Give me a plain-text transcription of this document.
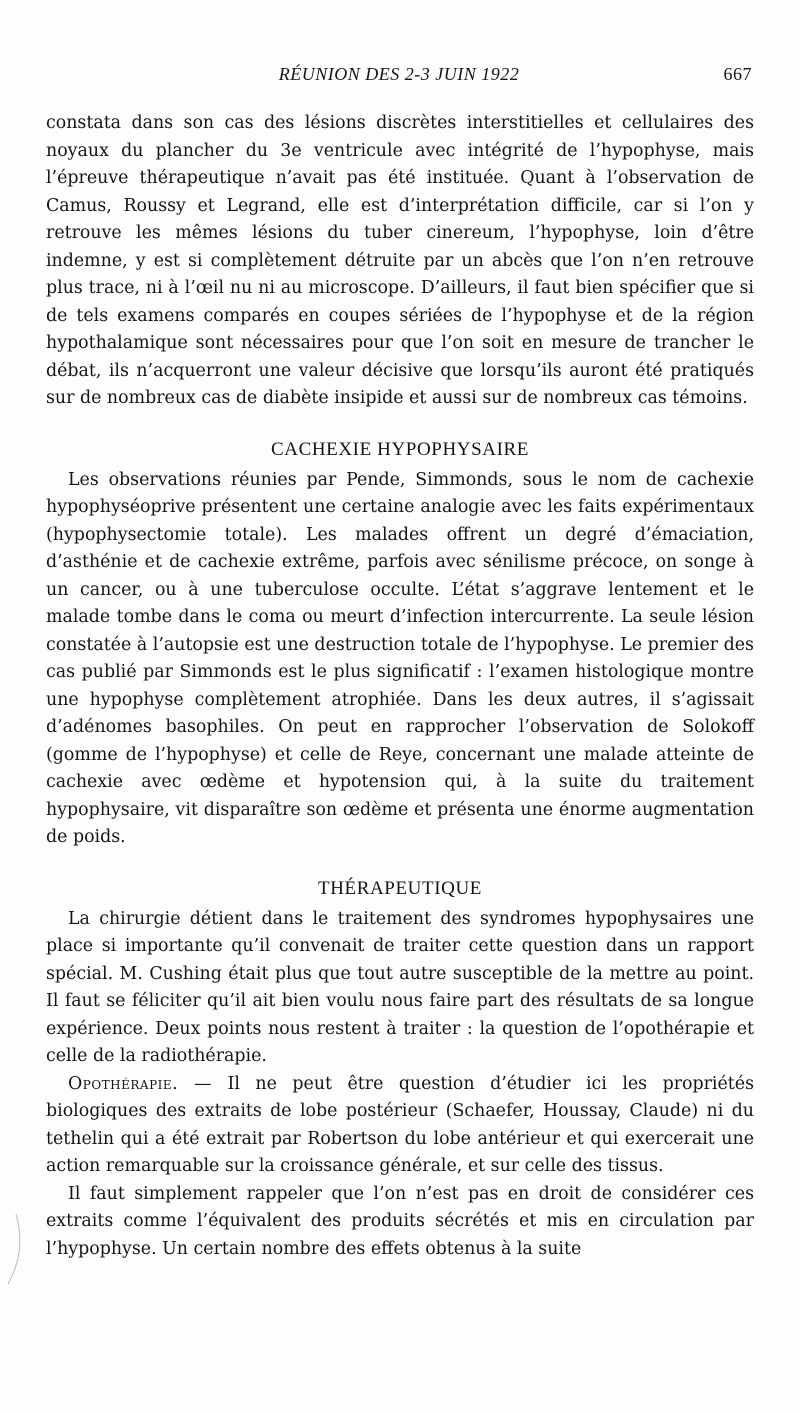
RÉUNION DES 2-3 JUIN 1922	667

constata dans son cas des lésions discrètes interstitielles et cellulaires des noyaux du plancher du 3e ventricule avec intégrité de l’hypophyse, mais l’épreuve thérapeutique n’avait pas été instituée. Quant à l’observation de Camus, Roussy et Legrand, elle est d’interprétation difficile, car si l’on y retrouve les mêmes lésions du tuber cinereum, l’hypophyse, loin d’être indemne, y est si complètement détruite par un abcès que l’on n’en retrouve plus trace, ni à l’œil nu ni au microscope. D’ailleurs, il faut bien spécifier que si de tels examens comparés en coupes sériées de l’hypophyse et de la région hypothalamique sont nécessaires pour que l’on soit en mesure de trancher le débat, ils n’acquerront une valeur décisive que lorsqu’ils auront été pratiqués sur de nombreux cas de diabète insipide et aussi sur de nombreux cas témoins.

CACHEXIE HYPOPHYSAIRE

Les observations réunies par Pende, Simmonds, sous le nom de cachexie hypophyséoprive présentent une certaine analogie avec les faits expérimentaux (hypophysectomie totale). Les malades offrent un degré d’émaciation, d’asthénie et de cachexie extrême, parfois avec sénilisme précoce, on songe à un cancer, ou à une tuberculose occulte. L’état s’aggrave lentement et le malade tombe dans le coma ou meurt d’infection intercurrente. La seule lésion constatée à l’autopsie est une destruction totale de l’hypophyse. Le premier des cas publié par Simmonds est le plus significatif : l’examen histologique montre une hypophyse complètement atrophiée. Dans les deux autres, il s’agissait d’adénomes basophiles. On peut en rapprocher l’observation de Solokoff (gomme de l’hypophyse) et celle de Reye, concernant une malade atteinte de cachexie avec œdème et hypotension qui, à la suite du traitement hypophysaire, vit disparaître son œdème et présenta une énorme augmentation de poids.

THÉRAPEUTIQUE

La chirurgie détient dans le traitement des syndromes hypophysaires une place si importante qu’il convenait de traiter cette question dans un rapport spécial. M. Cushing était plus que tout autre susceptible de la mettre au point. Il faut se féliciter qu’il ait bien voulu nous faire part des résultats de sa longue expérience. Deux points nous restent à traiter : la question de l’opothérapie et celle de la radiothérapie.

Opothérapie. — Il ne peut être question d’étudier ici les propriétés biologiques des extraits de lobe postérieur (Schaefer, Houssay, Claude) ni du tethelin qui a été extrait par Robertson du lobe antérieur et qui exercerait une action remarquable sur la croissance générale, et sur celle des tissus.

Il faut simplement rappeler que l’on n’est pas en droit de considérer ces extraits comme l’équivalent des produits sécrétés et mis en circulation par l’hypophyse. Un certain nombre des effets obtenus à la suite
